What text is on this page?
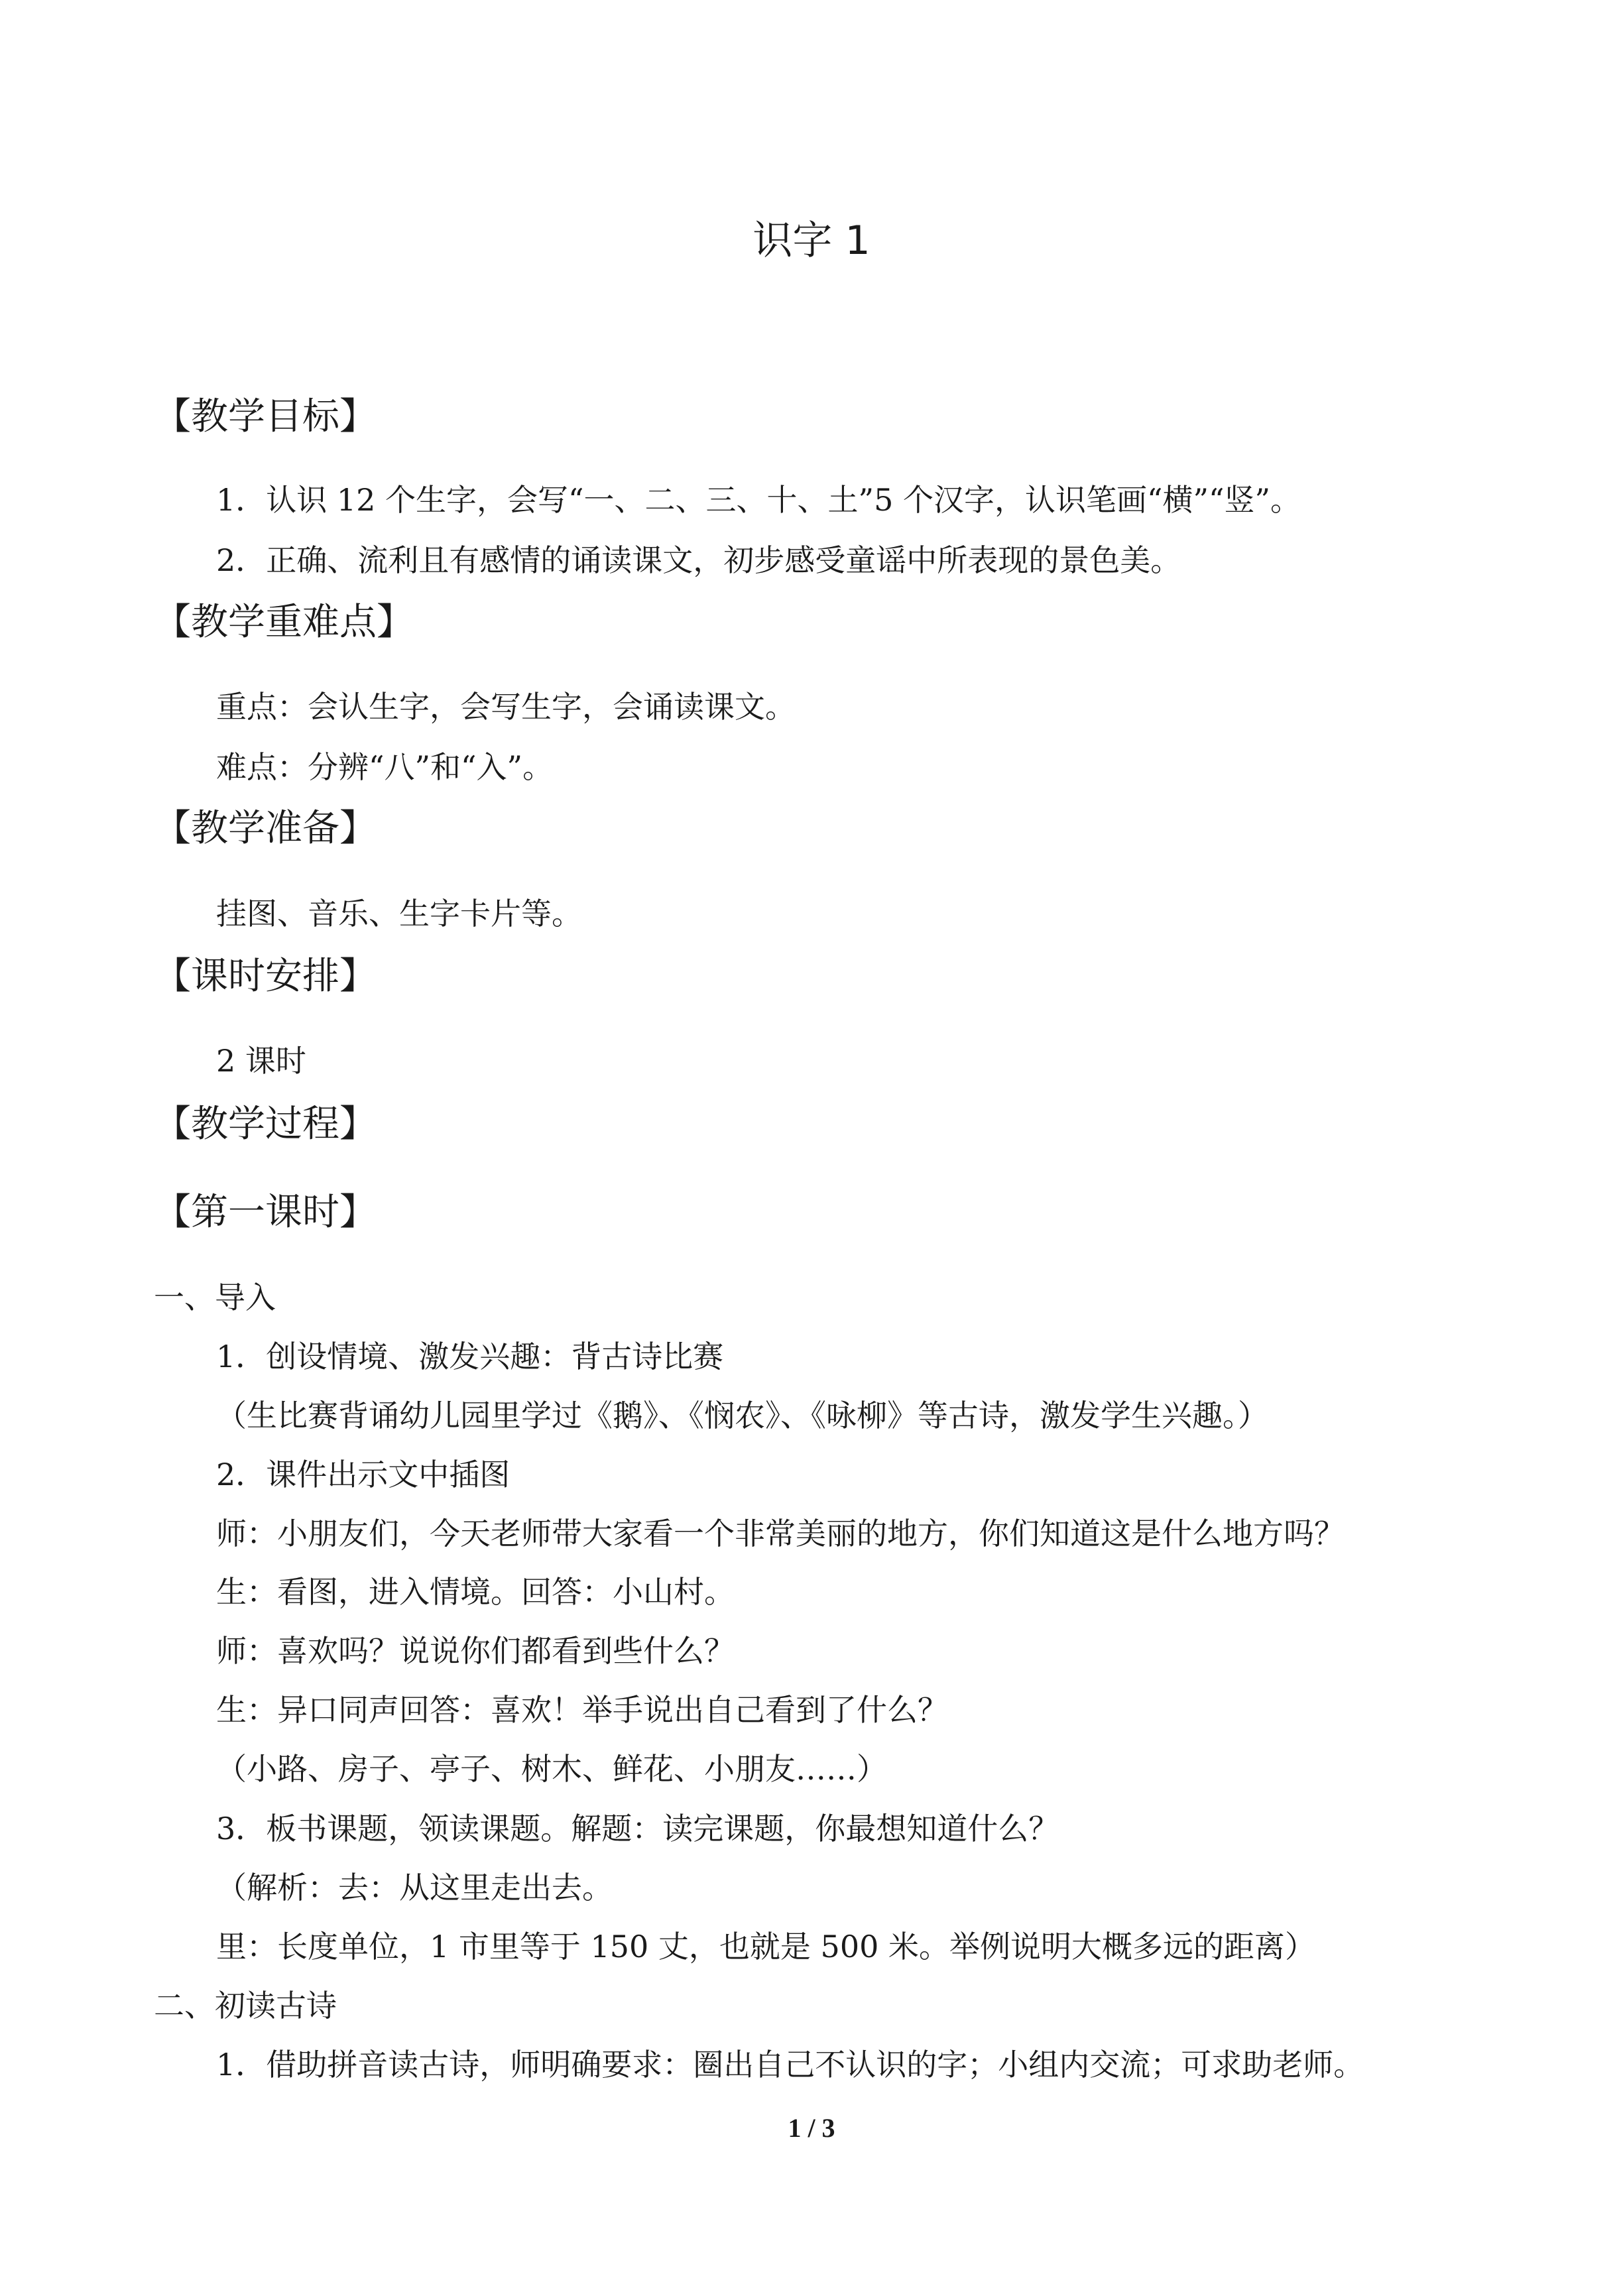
识字 1
【教学目标】
1．认识 12 个生字，会写“一、二、三、十、土”5 个汉字，认识笔画“横”“竖”。
2．正确、流利且有感情的诵读课文，初步感受童谣中所表现的景色美。
【教学重难点】
重点：会认生字，会写生字，会诵读课文。
难点：分辨“八”和“入”。
【教学准备】
挂图、音乐、生字卡片等。
【课时安排】
2 课时
【教学过程】
【第一课时】
一、导入
1．创设情境、激发兴趣：背古诗比赛
（生比赛背诵幼儿园里学过《鹅》、《悯农》、《咏柳》等古诗，激发学生兴趣。）
2．课件出示文中插图
师：小朋友们，今天老师带大家看一个非常美丽的地方，你们知道这是什么地方吗？
生：看图，进入情境。回答：小山村。
师：喜欢吗？说说你们都看到些什么？
生：异口同声回答：喜欢！举手说出自己看到了什么？
（小路、房子、亭子、树木、鲜花、小朋友……）
3．板书课题，领读课题。解题：读完课题，你最想知道什么？
（解析：去：从这里走出去。
里：长度单位，1 市里等于 150 丈，也就是 500 米。举例说明大概多远的距离）
二、初读古诗
1．借助拼音读古诗，师明确要求：圈出自己不认识的字；小组内交流；可求助老师。
1 / 3
